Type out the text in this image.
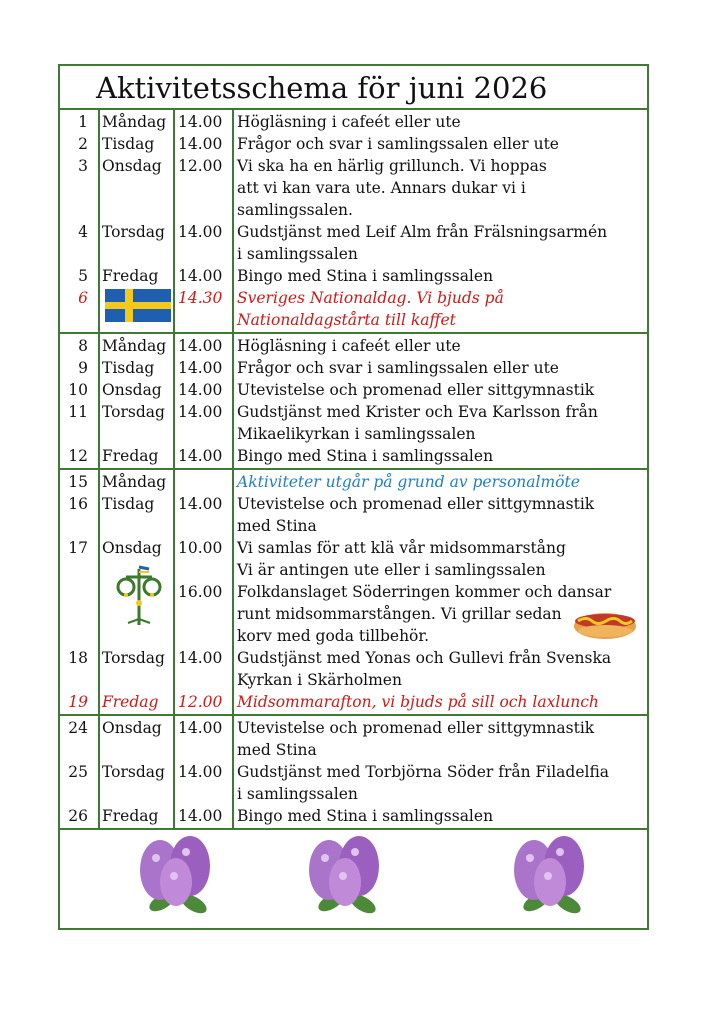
Aktivitetsschema för juni 2026
1 Måndag 14.00 Högläsning i cafeét eller ute
2 Tisdag 14.00 Frågor och svar i samlingssalen eller ute
3 Onsdag 12.00 Vi ska ha en härlig grillunch. Vi hoppas
att vi kan vara ute. Annars dukar vi i
samlingssalen.
4 Torsdag 14.00 Gudstjänst med Leif Alm från Frälsningsarmén
i samlingssalen
5 Fredag 14.00 Bingo med Stina i samlingssalen
6	14.30 Sveriges Nationaldag. Vi bjuds på
Nationaldagstårta till kaffet
8 Måndag 14.00 Högläsning i cafeét eller ute
9 Tisdag 14.00 Frågor och svar i samlingssalen eller ute
10 Onsdag 14.00 Utevistelse och promenad eller sittgymnastik
11 Torsdag 14.00 Gudstjänst med Krister och Eva Karlsson från
Mikaelikyrkan i samlingssalen
12 Fredag 14.00 Bingo med Stina i samlingssalen
15 Måndag	Aktiviteter utgår på grund av personalmöte
16 Tisdag 14.00 Utevistelse och promenad eller sittgymnastik
med Stina
17 Onsdag 10.00 Vi samlas för att klä vår midsommarstång
Vi är antingen ute eller i samlingssalen
16.00 Folkdanslaget Söderringen kommer och dansar
runt midsommarstången. Vi grillar sedan
korv med goda tillbehör.
18 Torsdag 14.00 Gudstjänst med Yonas och Gullevi från Svenska
Kyrkan i Skärholmen
19 Fredag 12.00 Midsommarafton, vi bjuds på sill och laxlunch
24 Onsdag 14.00 Utevistelse och promenad eller sittgymnastik
med Stina
25 Torsdag 14.00 Gudstjänst med Torbjörna Söder från Filadelfia
i samlingssalen
26 Fredag 14.00 Bingo med Stina i samlingssalen
